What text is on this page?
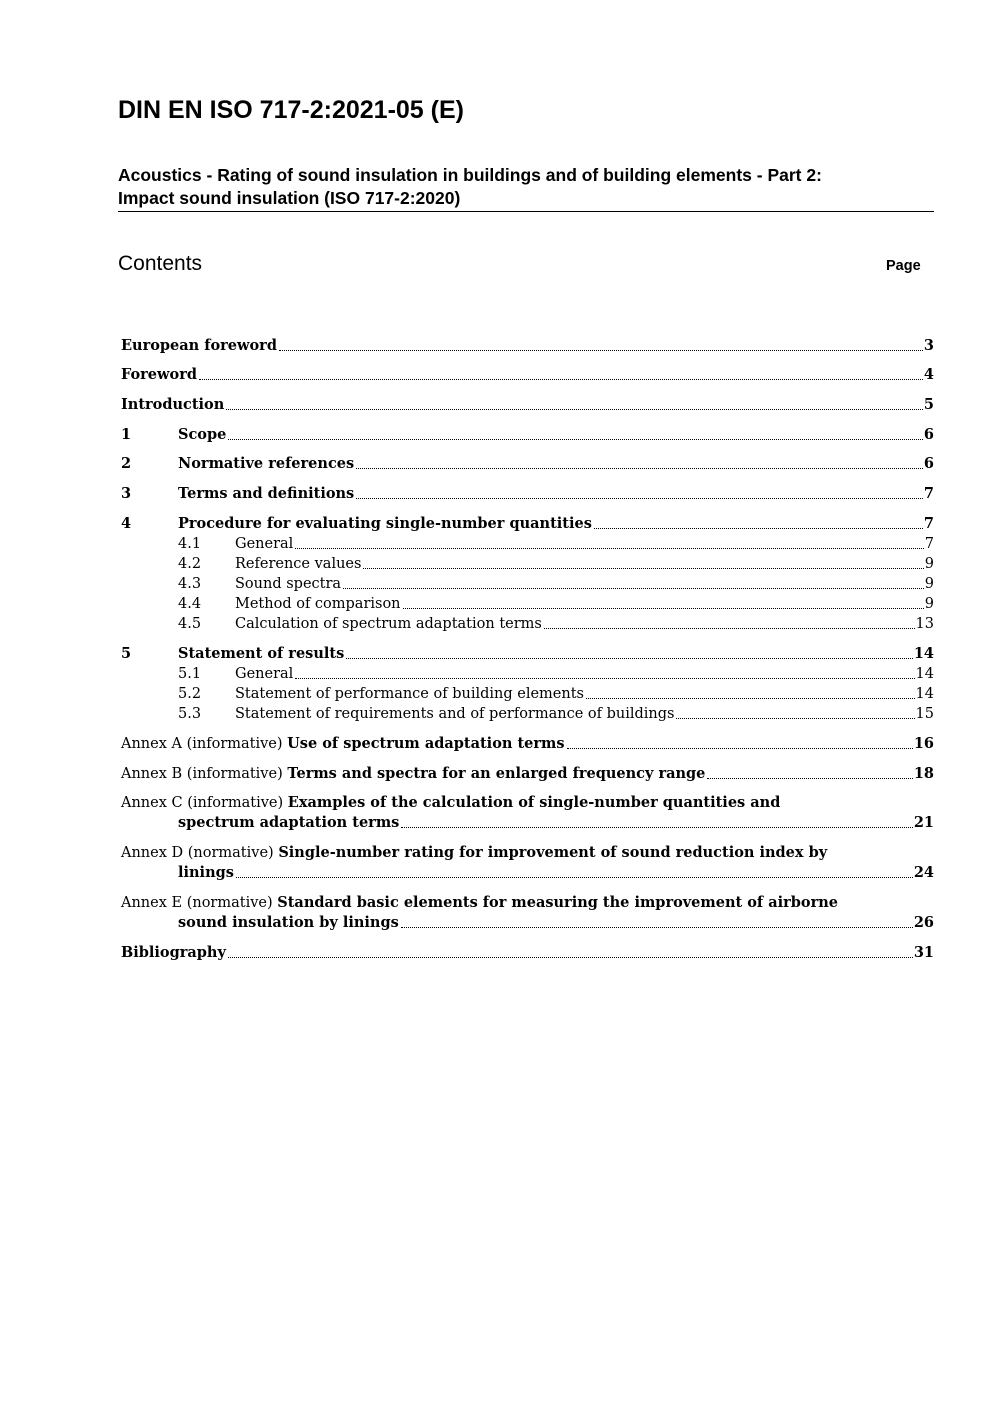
DIN EN ISO 717-2:2021-05 (E)
Acoustics - Rating of sound insulation in buildings and of building elements - Part 2:
Impact sound insulation (ISO 717-2:2020)
Contents	Page
European foreword	3
Foreword	4
Introduction	5
1	Scope	6
2	Normative references	6
3	Terms and definitions	7
4	Procedure for evaluating single-number quantities	7
4.1	General	7
4.2	Reference values	9
4.3	Sound spectra	9
4.4	Method of comparison	9
4.5	Calculation of spectrum adaptation terms	13
5	Statement of results	14
5.1	General	14
5.2	Statement of performance of building elements	14
5.3	Statement of requirements and of performance of buildings	15
Annex A (informative) Use of spectrum adaptation terms	16
Annex B (informative) Terms and spectra for an enlarged frequency range	18
Annex C (informative) Examples of the calculation of single-number quantities and
spectrum adaptation terms	21
Annex D (normative) Single-number rating for improvement of sound reduction index by
linings	24
Annex E (normative) Standard basic elements for measuring the improvement of airborne
sound insulation by linings	26
Bibliography	31
